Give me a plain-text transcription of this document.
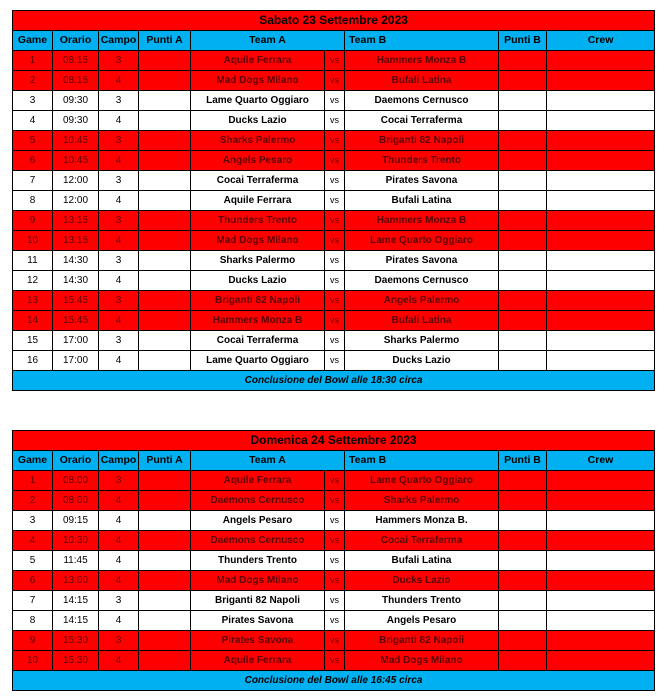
Sabato 23 Settembre 2023								
Game	Orario	Campo	Punti A	Team A		Team B	Punti B	Crew
1	08:15	3		Aquile Ferrara	vs	Hammers Monza B		
2	08:15	4		Mad Dogs Milano	vs	Bufali Latina		
3	09:30	3		Lame Quarto Oggiaro	vs	Daemons Cernusco		
4	09:30	4		Ducks Lazio	vs	Cocai Terraferma		
5	10:45	3		Sharks Palermo	vs	Briganti 82 Napoli		
6	10:45	4		Angels Pesaro	vs	Thunders Trento		
7	12:00	3		Cocai Terraferma	vs	Pirates Savona		
8	12:00	4		Aquile Ferrara	vs	Bufali Latina		
9	13:15	3		Thunders Trento	vs	Hammers Monza B		
10	13:15	4		Mad Dogs Milano	vs	Lame Quarto Oggiaro		
11	14:30	3		Sharks Palermo	vs	Pirates Savona		
12	14:30	4		Ducks Lazio	vs	Daemons Cernusco		
13	15:45	3		Briganti 82 Napoli	vs	Angels Palermo		
14	15:45	4		Hammers Monza B	vs	Bufali Latina		
15	17:00	3		Cocai Terraferma	vs	Sharks Palermo		
16	17:00	4		Lame Quarto Oggiaro	vs	Ducks Lazio		
Conclusione del Bowl alle 18:30 circa								
Domenica 24 Settembre 2023								
Game	Orario	Campo	Punti A	Team A		Team B	Punti B	Crew
1	08:00	3		Aquile Ferrara	vs	Lame Quarto Oggiaro		
2	08:00	4		Daemons Cernusco	vs	Sharks Palermo		
3	09:15	4		Angels Pesaro	vs	Hammers Monza B.		
4	10:30	4		Daemons Cernusco	vs	Cocai Terraferma		
5	11:45	4		Thunders Trento	vs	Bufali Latina		
6	13:00	4		Mad Dogs Milano	vs	Ducks Lazio		
7	14:15	3		Briganti 82 Napoli	vs	Thunders Trento		
8	14:15	4		Pirates Savona	vs	Angels Pesaro		
9	15:30	3		Pirates Savona	vs	Briganti 82 Napoli		
10	15:30	4		Aquile Ferrara	vs	Mad Dogs Milano		
Conclusione del Bowl alle 16:45 circa								
